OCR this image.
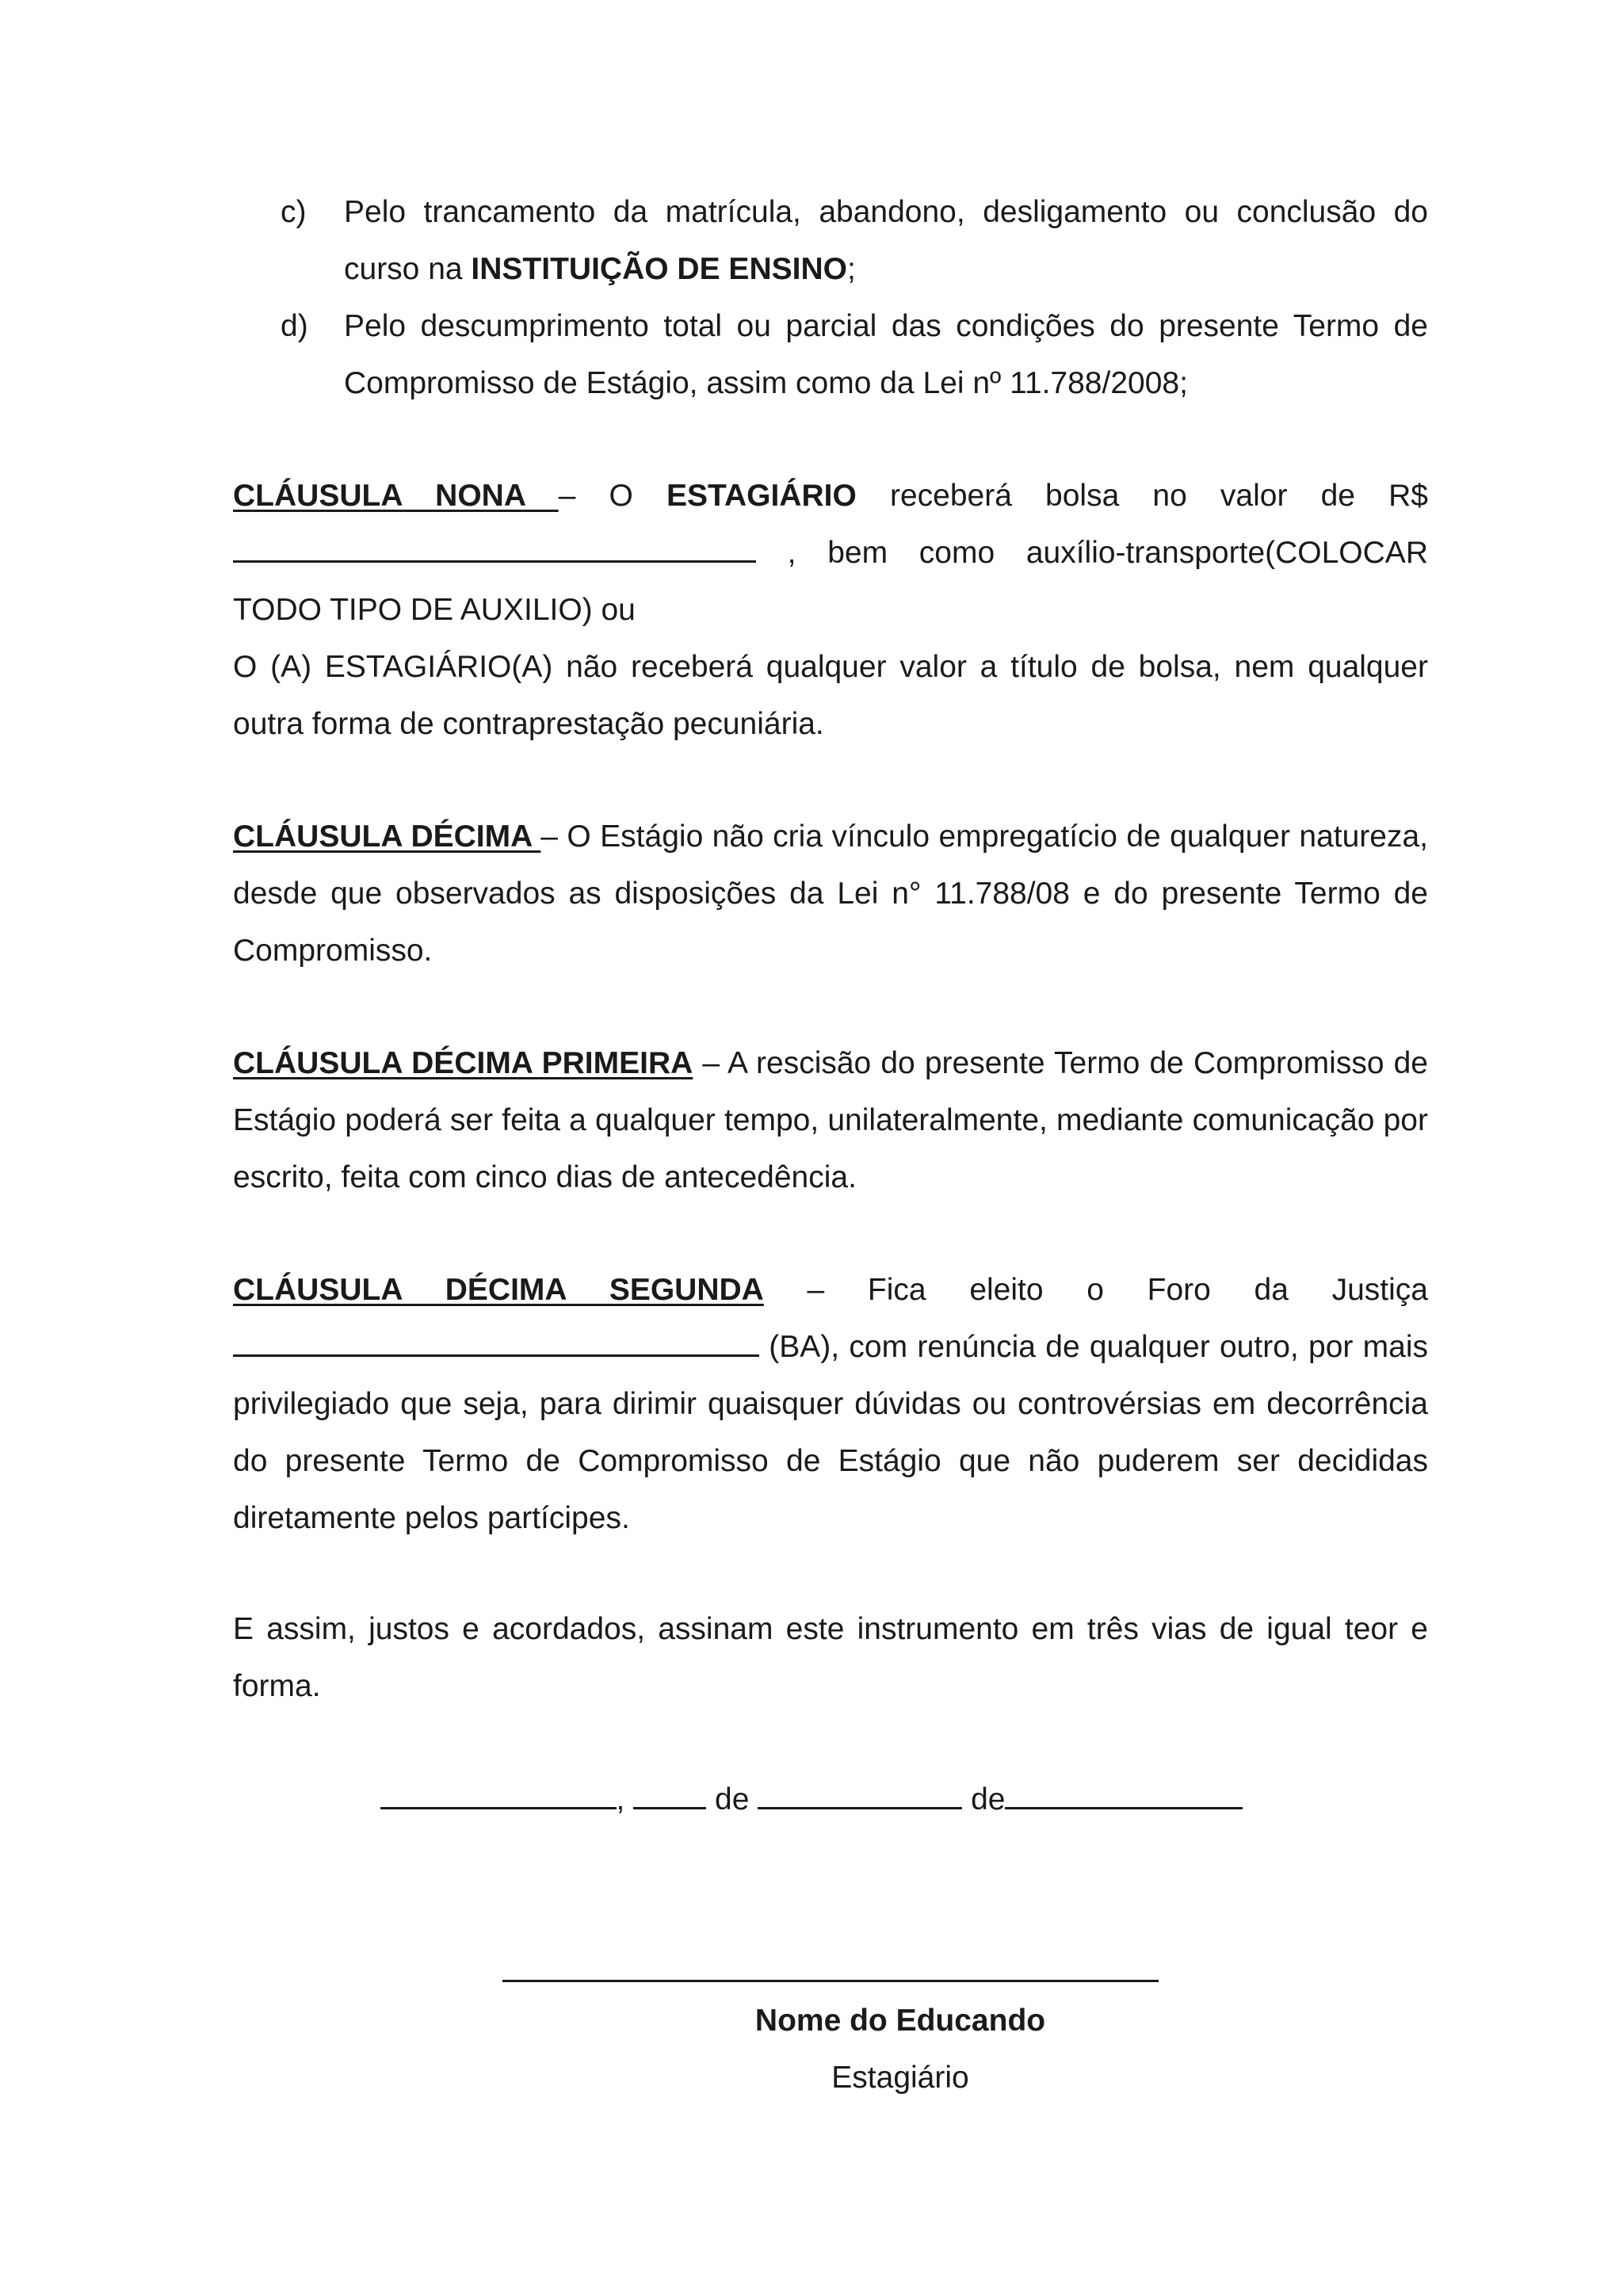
c) Pelo trancamento da matrícula, abandono, desligamento ou conclusão do curso na INSTITUIÇÃO DE ENSINO;
d) Pelo descumprimento total ou parcial das condições do presente Termo de Compromisso de Estágio, assim como da Lei nº 11.788/2008;

CLÁUSULA NONA – O ESTAGIÁRIO receberá bolsa no valor de R$  , bem como auxílio-transporte(COLOCAR TODO TIPO DE AUXILIO) ou

O (A) ESTAGIÁRIO(A) não receberá qualquer valor a título de bolsa, nem qualquer outra forma de contraprestação pecuniária.

CLÁUSULA DÉCIMA – O Estágio não cria vínculo empregatício de qualquer natureza, desde que observados as disposições da Lei n° 11.788/08 e do presente Termo de Compromisso.

CLÁUSULA DÉCIMA PRIMEIRA – A rescisão do presente Termo de Compromisso de Estágio poderá ser feita a qualquer tempo, unilateralmente, mediante comunicação por escrito, feita com cinco dias de antecedência.

CLÁUSULA DÉCIMA SEGUNDA – Fica eleito o Foro da Justiça  (BA), com renúncia de qualquer outro, por mais privilegiado que seja, para dirimir quaisquer dúvidas ou controvérsias em decorrência do presente Termo de Compromisso de Estágio que não puderem ser decididas diretamente pelos partícipes.

E assim, justos e acordados, assinam este instrumento em três vias de igual teor e forma.

,  de	de
Nome do Educando
Estagiário
